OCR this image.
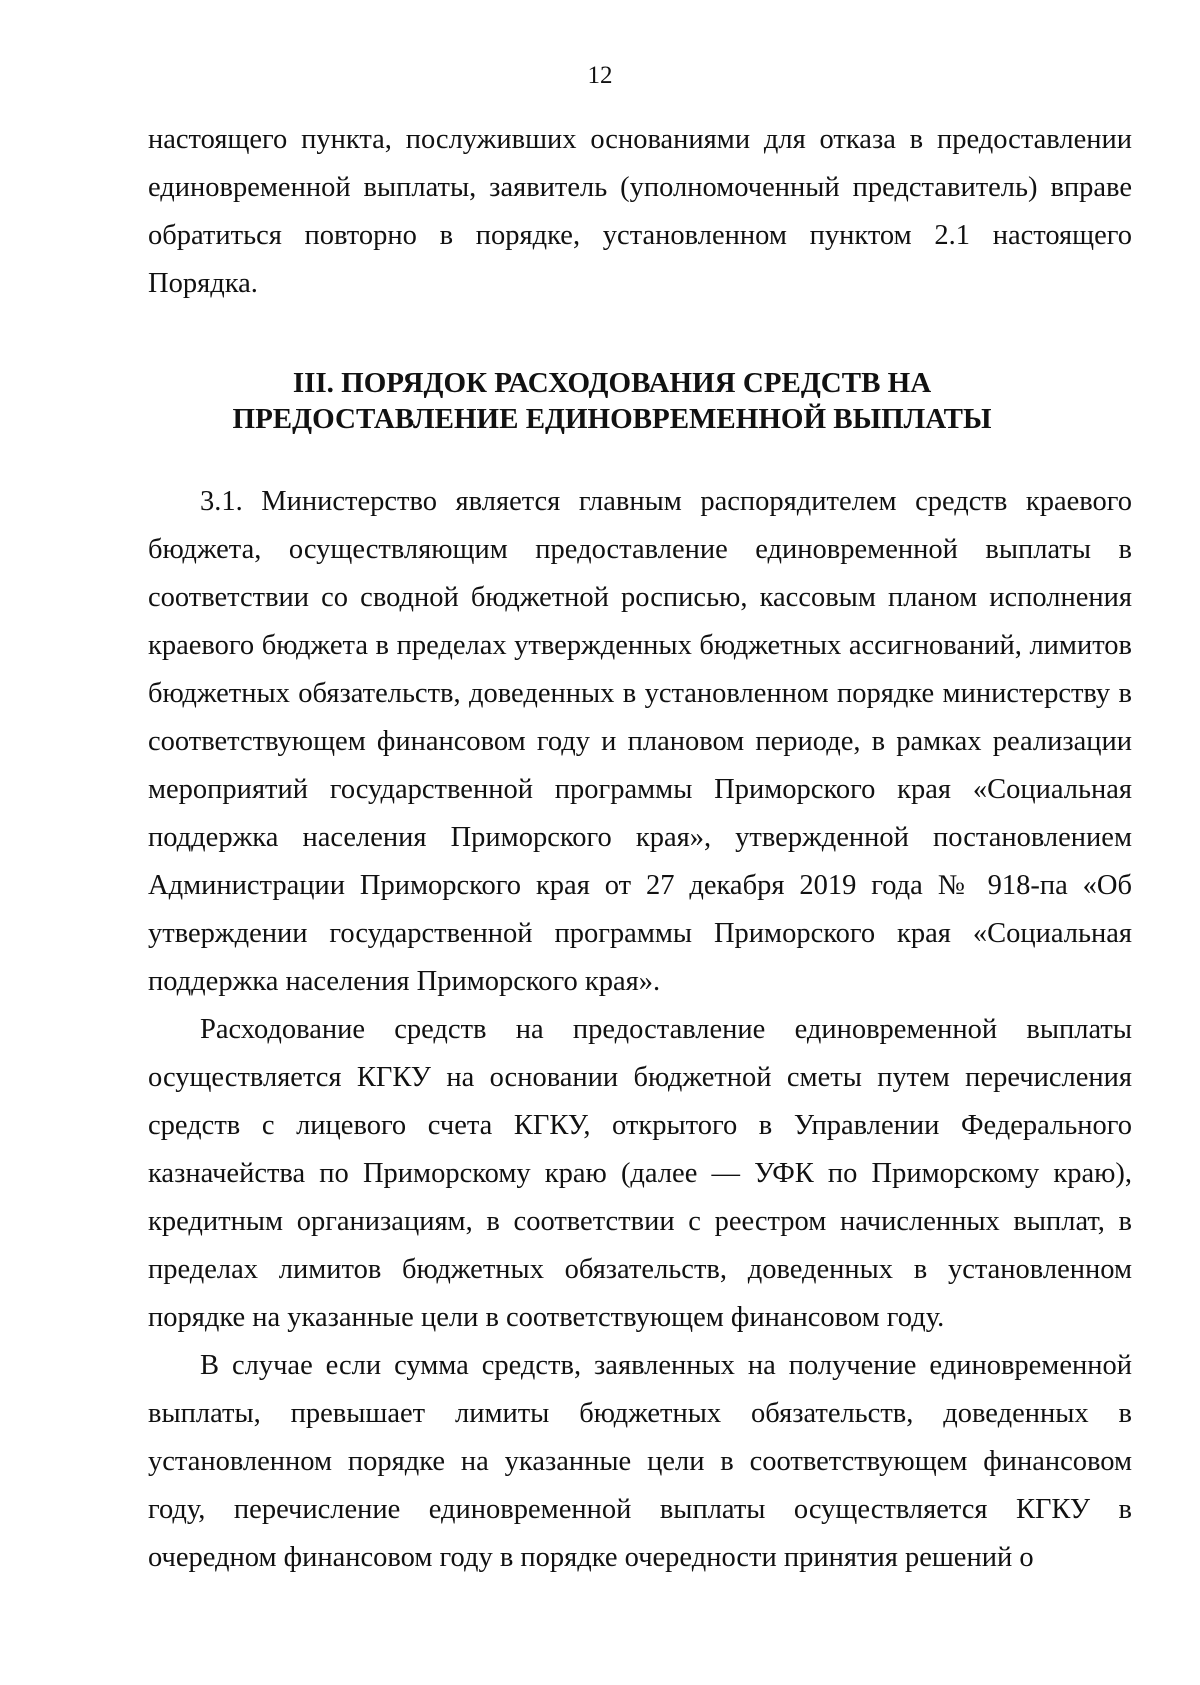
12

настоящего пункта, послуживших основаниями для отказа в предоставлении единовременной выплаты, заявитель (уполномоченный представитель) вправе обратиться повторно в порядке, установленном пунктом 2.1 настоящего Порядка.

III. ПОРЯДОК РАСХОДОВАНИЯ СРЕДСТВ НА
ПРЕДОСТАВЛЕНИЕ ЕДИНОВРЕМЕННОЙ ВЫПЛАТЫ

3.1. Министерство является главным распорядителем средств краевого бюджета, осуществляющим предоставление единовременной выплаты в соответствии со сводной бюджетной росписью, кассовым планом исполнения краевого бюджета в пределах утвержденных бюджетных ассигнований, лимитов бюджетных обязательств, доведенных в установленном порядке министерству в соответствующем финансовом году и плановом периоде, в рамках реализации мероприятий государственной программы Приморского края «Социальная поддержка населения Приморского края», утвержденной постановлением Администрации Приморского края от 27 декабря 2019 года № 918-па «Об утверждении государственной программы Приморского края «Социальная поддержка населения Приморского края».

Расходование средств на предоставление единовременной выплаты осуществляется КГКУ на основании бюджетной сметы путем перечисления средств с лицевого счета КГКУ, открытого в Управлении Федерального казначейства по Приморскому краю (далее — УФК по Приморскому краю), кредитным организациям, в соответствии с реестром начисленных выплат, в пределах лимитов бюджетных обязательств, доведенных в установленном порядке на указанные цели в соответствующем финансовом году.

В случае если сумма средств, заявленных на получение единовременной выплаты, превышает лимиты бюджетных обязательств, доведенных в установленном порядке на указанные цели в соответствующем финансовом году, перечисление единовременной выплаты осуществляется КГКУ в очередном финансовом году в порядке очередности принятия решений о
